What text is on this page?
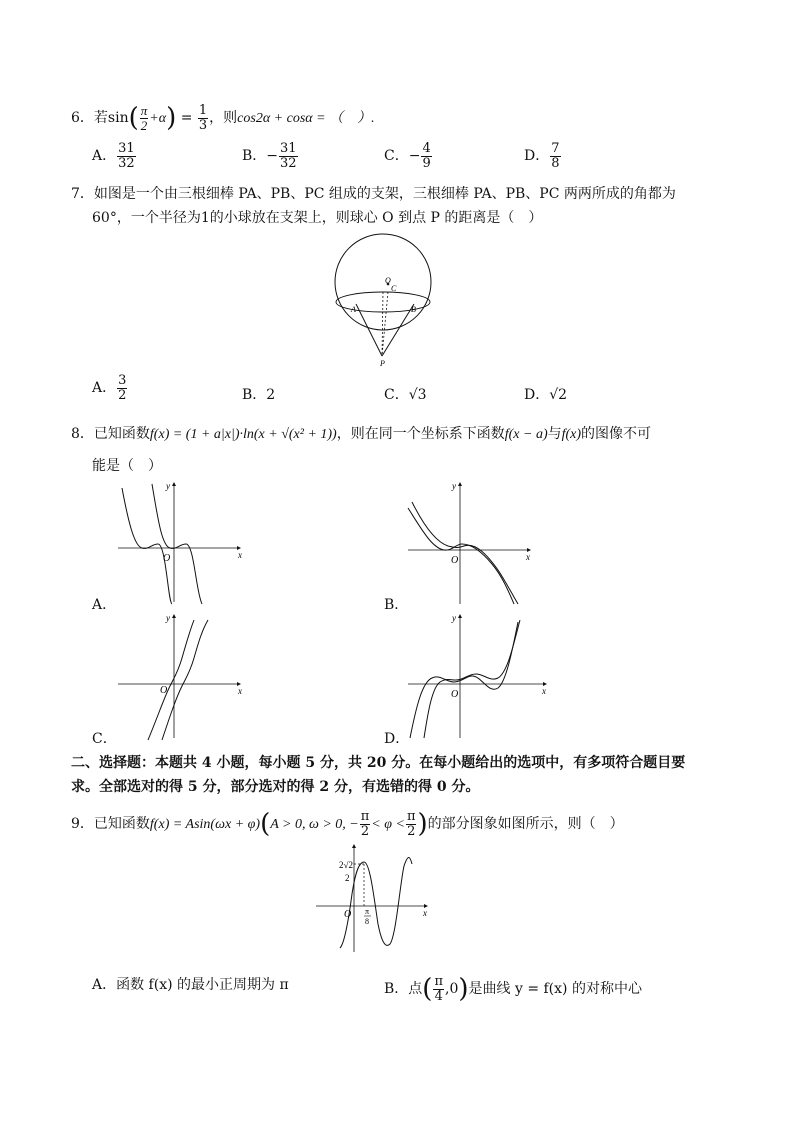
6．若$\sin( \frac{\pi}{2} +\alpha) = \frac{1}{3}$ ，则cos2α + cosα = （　）.
A． $\frac{31}{32}$	B．− $\frac{31}{32}$	C．− $\frac{4}{9}$	D． $\frac{7}{8}$
7．如图是一个由三根细棒 PA、PB、PC 组成的支架，三根细棒 PA、PB、PC 两两所成的角都为
60°，一个半径为1的小球放在支架上，则球心 O 到点 P 的距离是（　）
O
C
A	B
P
A． $\frac{3}{2}$	B．2	C．√3	D．√2
8．已知函数f(x) = (1 + a|x|)·ln(x + √(x² + 1))，则在同一个坐标系下函数f(x − a)与f(x)的图像不可
能是（　）
x
y
O
A．
x
y
O
B．
x
y
O
C．
x
y
O
D．
二、选择题：本题共 4 小题，每小题 5 分，共 20 分。在每小题给出的选项中，有多项符合题目要
求。全部选对的得 5 分，部分选对的得 2 分，有选错的得 0 分。
9．已知函数f(x) = Asin(ωx + φ)(A > 0, ω > 0, − $\frac{\pi}{2} < \varphi < \frac{\pi}{2}$ )的部分图象如图所示，则（　）
2√2
2
O π
8
x
A．函数 f(x) 的最小正周期为 π	B．点( $\frac{\pi}{4} ,0$)是曲线 y = f(x) 的对称中心
